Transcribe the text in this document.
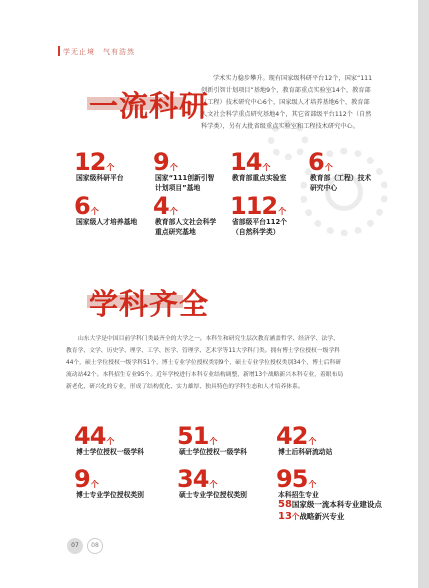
学无止境　气有浩然
一流科研
学术实力稳步攀升。现有国家级科研平台12个，国家“111
创新引智计划项目”基地9个，教育部重点实验室14个，教育部
（工程）技术研究中心6个，国家级人才培养基地6个，教育部
人文社会科学重点研究基地4个，其它省部级平台112个（自然
科学类），另有大批省级重点实验室和工程技术研究中心。
12个
国家级科研平台
9个
国家“111创新引智
计划项目”基地
14个
教育部重点实验室
6个
教育部（工程）技术
研究中心
6个
国家级人才培养基地
4个
教育部人文社会科学
重点研究基地
112个
省部级平台112个
（自然科学类）
学科齐全
山东大学是中国目前学科门类最齐全的大学之一。本科生和研究生层次教育涵盖哲学、经济学、法学、
教育学、文学、历史学、理学、工学、医学、管理学、艺术学等11大学科门类。拥有博士学位授权一级学科
44个，硕士学位授权一级学科51个，博士专业学位授权类别9个，硕士专业学位授权类别34个，博士后科研
流动站42个。本科招生专业95个。近年学校进行本科专业结构调整，新增13个战略新兴本科专业，着眼布局
新老化、研兴化的专业，形成了结构优化、实力雄厚、独具特色的学科生态和人才培养体系。
44个
博士学位授权一级学科
51个
硕士学位授权一级学科
42个
博士后科研流动站
9个
博士专业学位授权类别
34个
硕士专业学位授权类别
95个
本科招生专业
58国家级一流本科专业建设点
13个战略新兴专业
07	08
